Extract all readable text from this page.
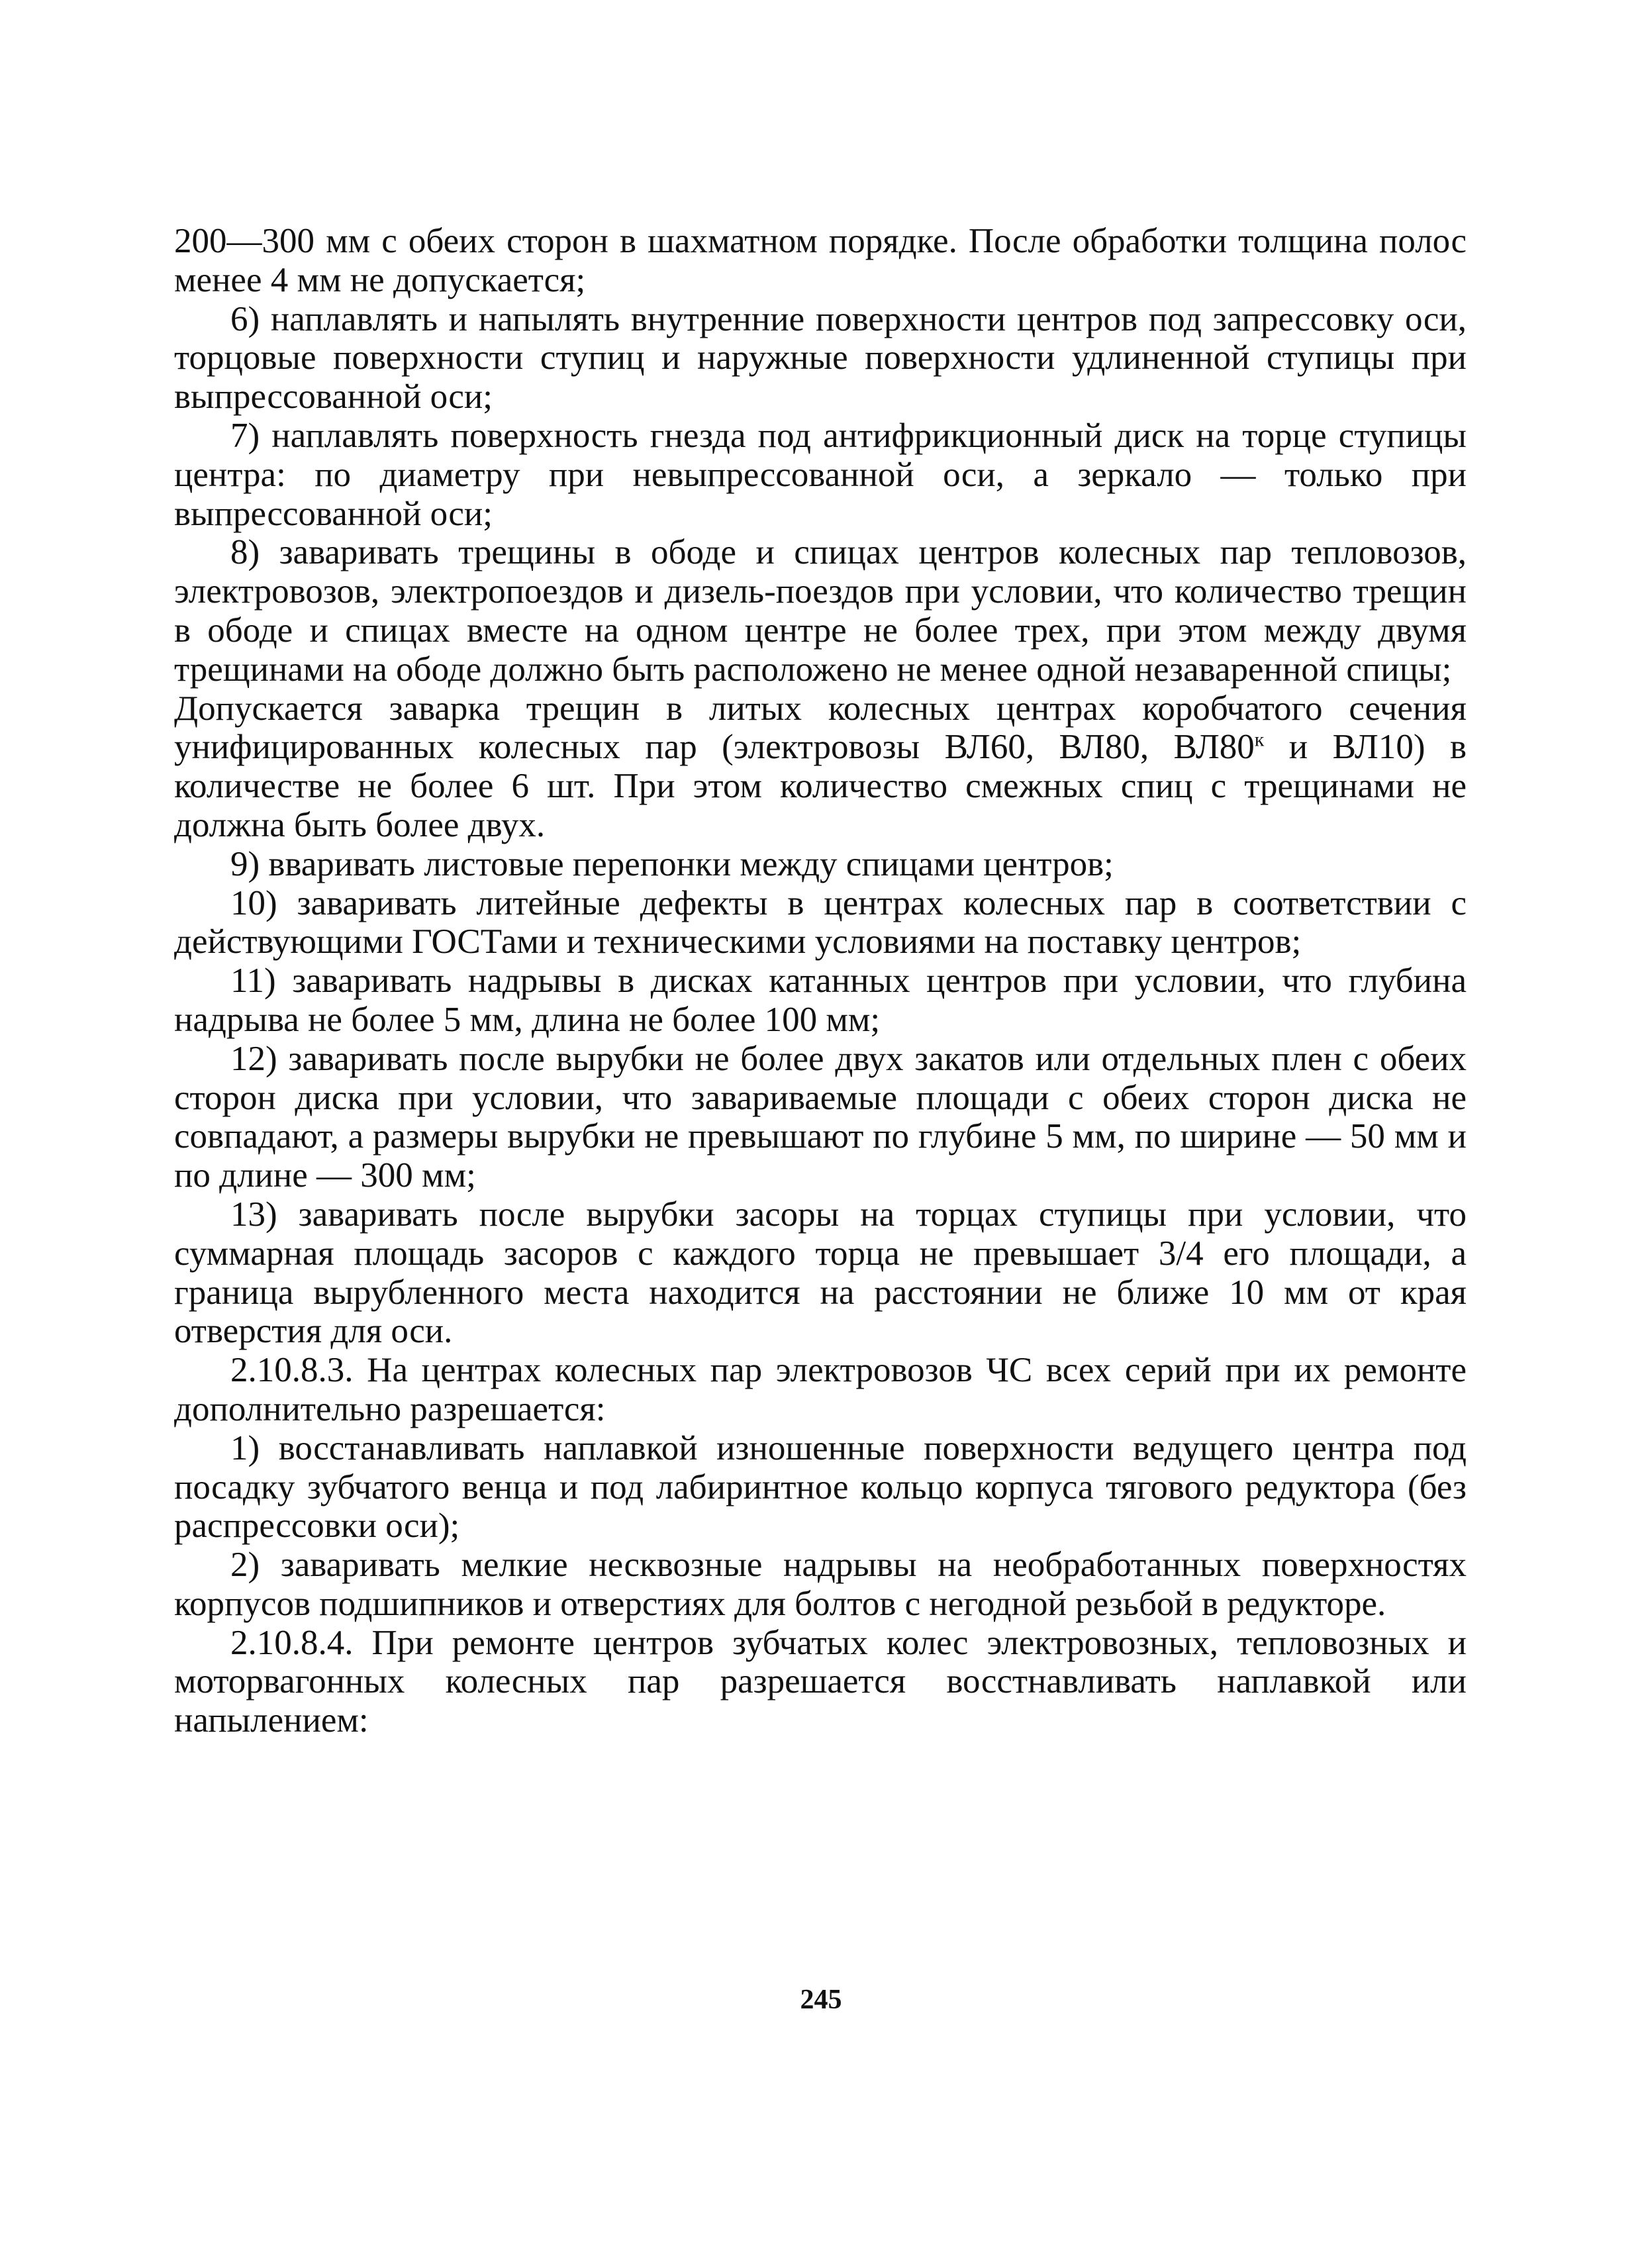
200—300 мм с обеих сторон в шахматном порядке. После обработки толщина полос менее 4 мм не допускается;

6) наплавлять и напылять внутренние поверхности центров под запрессовку оси, торцовые поверхности ступиц и наружные поверхности удлиненной ступицы при выпрессованной оси;

7) наплавлять поверхность гнезда под антифрикционный диск на торце ступицы центра: по диаметру при невыпрессованной оси, а зеркало — только при выпрессованной оси;

8) заваривать трещины в ободе и спицах центров колесных пар тепловозов, электровозов, электропоездов и дизель-поездов при условии, что количество трещин в ободе и спицах вместе на одном центре не более трех, при этом между двумя трещинами на ободе должно быть расположено не менее одной незаваренной спицы;

Допускается заварка трещин в литых колесных центрах коробчатого сечения унифицированных колесных пар (электровозы ВЛ60, ВЛ80, $ВЛ80^к$ и ВЛ10) в количестве не более 6 шт. При этом количество смежных спиц с трещинами не должна быть более двух.

9) вваривать листовые перепонки между спицами центров;

10) заваривать литейные дефекты в центрах колесных пар в соответствии с действующими ГОСТами и техническими условиями на поставку центров;

11) заваривать надрывы в дисках катанных центров при условии, что глубина надрыва не более 5 мм, длина не более 100 мм;

12) заваривать после вырубки не более двух закатов или отдельных плен с обеих сторон диска при условии, что завариваемые площади с обеих сторон диска не совпадают, а размеры вырубки не превышают по глубине 5 мм, по ширине — 50 мм и по длине — 300 мм;

13) заваривать после вырубки засоры на торцах ступицы при условии, что суммарная площадь засоров с каждого торца не превышает 3/4 его площади, а граница вырубленного места находится на расстоянии не ближе 10 мм от края отверстия для оси.

2.10.8.3. На центрах колесных пар электровозов ЧС всех серий при их ремонте дополнительно разрешается:

1) восстанавливать наплавкой изношенные поверхности ведущего центра под посадку зубчатого венца и под лабиринтное кольцо корпуса тягового редуктора (без распрессовки оси);

2) заваривать мелкие несквозные надрывы на необработанных поверхностях корпусов подшипников и отверстиях для болтов с негодной резьбой в редукторе.

2.10.8.4. При ремонте центров зубчатых колес электровозных, тепловозных и моторвагонных колесных пар разрешается восстнавливать наплавкой или напылением:

245
